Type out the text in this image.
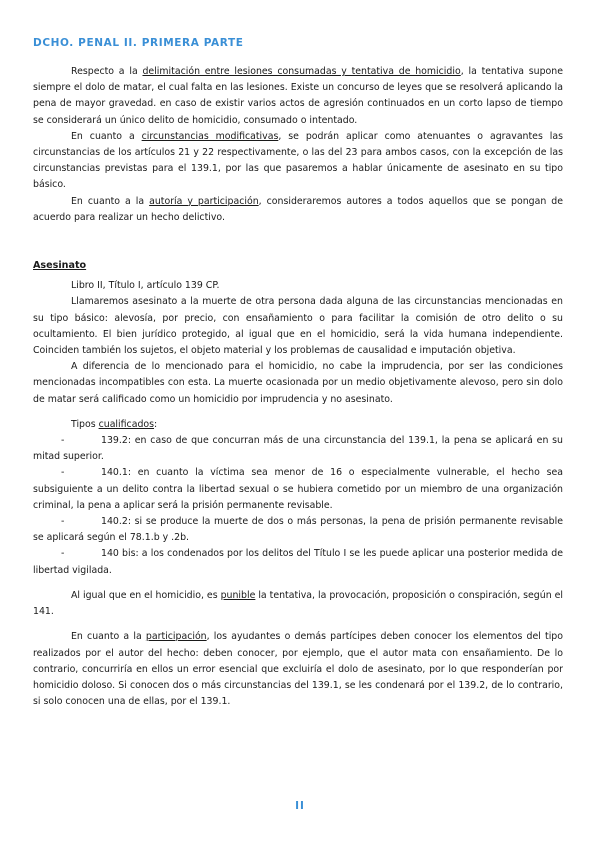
DCHO. PENAL II. PRIMERA PARTE

Respecto a la delimitación entre lesiones consumadas y tentativa de homicidio, la tentativa supone siempre el dolo de matar, el cual falta en las lesiones. Existe un concurso de leyes que se resolverá aplicando la pena de mayor gravedad. en caso de existir varios actos de agresión continuados en un corto lapso de tiempo se considerará un único delito de homicidio, consumado o intentado.

En cuanto a circunstancias modificativas, se podrán aplicar como atenuantes o agravantes las circunstancias de los artículos 21 y 22 respectivamente, o las del 23 para ambos casos, con la excepción de las circunstancias previstas para el 139.1, por las que pasaremos a hablar únicamente de asesinato en su tipo básico.

En cuanto a la autoría y participación, consideraremos autores a todos aquellos que se pongan de acuerdo para realizar un hecho delictivo.

Asesinato

Libro II, Título I, artículo 139 CP.

Llamaremos asesinato a la muerte de otra persona dada alguna de las circunstancias mencionadas en su tipo básico: alevosía, por precio, con ensañamiento o para facilitar la comisión de otro delito o su ocultamiento. El bien jurídico protegido, al igual que en el homicidio, será la vida humana independiente. Coinciden también los sujetos, el objeto material y los problemas de causalidad e imputación objetiva.

A diferencia de lo mencionado para el homicidio, no cabe la imprudencia, por ser las condiciones mencionadas incompatibles con esta. La muerte ocasionada por un medio objetivamente alevoso, pero sin dolo de matar será calificado como un homicidio por imprudencia y no asesinato.

Tipos cualificados:

-	139.2: en caso de que concurran más de una circunstancia del 139.1, la pena se aplicará en su mitad superior.

-	140.1: en cuanto la víctima sea menor de 16 o especialmente vulnerable, el hecho sea subsiguiente a un delito contra la libertad sexual o se hubiera cometido por un miembro de una organización criminal, la pena a aplicar será la prisión permanente revisable.

-	140.2: si se produce la muerte de dos o más personas, la pena de prisión permanente revisable se aplicará según el 78.1.b y .2b.

-	140 bis: a los condenados por los delitos del Título I se les puede aplicar una posterior medida de libertad vigilada.

Al igual que en el homicidio, es punible la tentativa, la provocación, proposición o conspiración, según el 141.

En cuanto a la participación, los ayudantes o demás partícipes deben conocer los elementos del tipo realizados por el autor del hecho: deben conocer, por ejemplo, que el autor mata con ensañamiento. De lo contrario, concurriría en ellos un error esencial que excluiría el dolo de asesinato, por lo que responderían por homicidio doloso. Si conocen dos o más circunstancias del 139.1, se les condenará por el 139.2, de lo contrario, si solo conocen una de ellas, por el 139.1.

II
